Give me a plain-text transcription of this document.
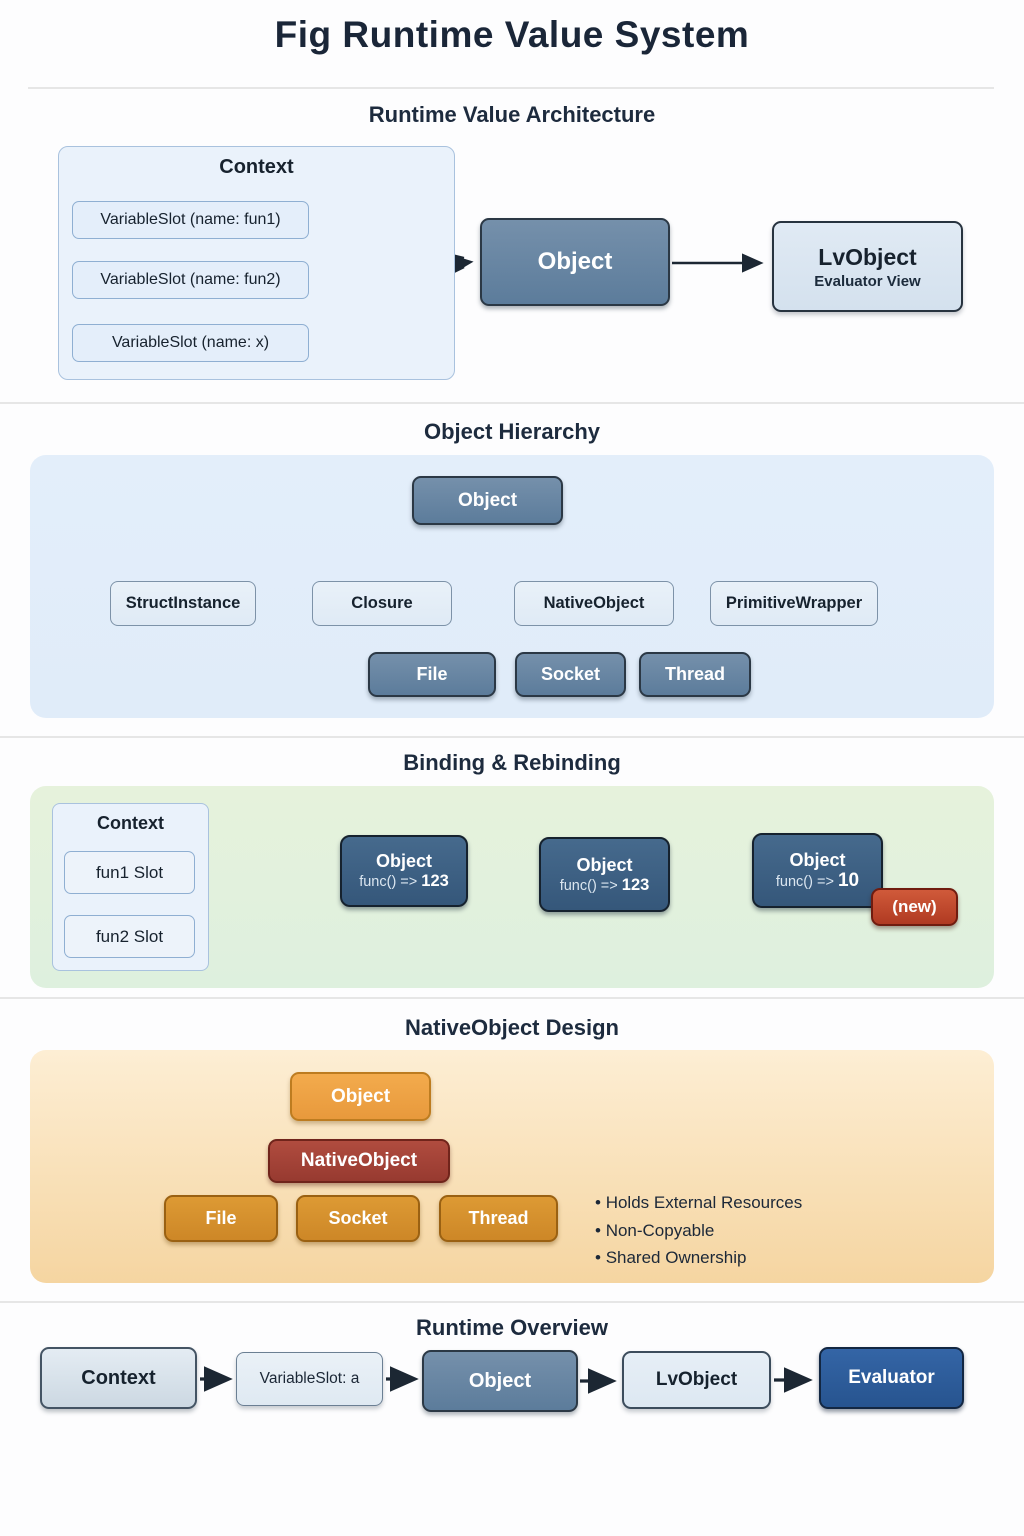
Fig Runtime Value System
Runtime Value Architecture
Context
VariableSlot (name: fun1)
VariableSlot (name: fun2)
VariableSlot (name: x)
Object	LvObject
Evaluator View
Object Hierarchy
Object
StructInstance	Closure	NativeObject	PrimitiveWrapper
File	Socket	Thread
Binding & Rebinding
Context
fun1 Slot
fun2 Slot
Object
func() => 123
Object
func() => 123
Object
func() => 10
(new)
NativeObject Design
Object
NativeObject
File	Socket	Thread
• Holds External Resources
• Non-Copyable
• Shared Ownership
Runtime Overview
Context	VariableSlot: a	Object	LvObject	Evaluator
